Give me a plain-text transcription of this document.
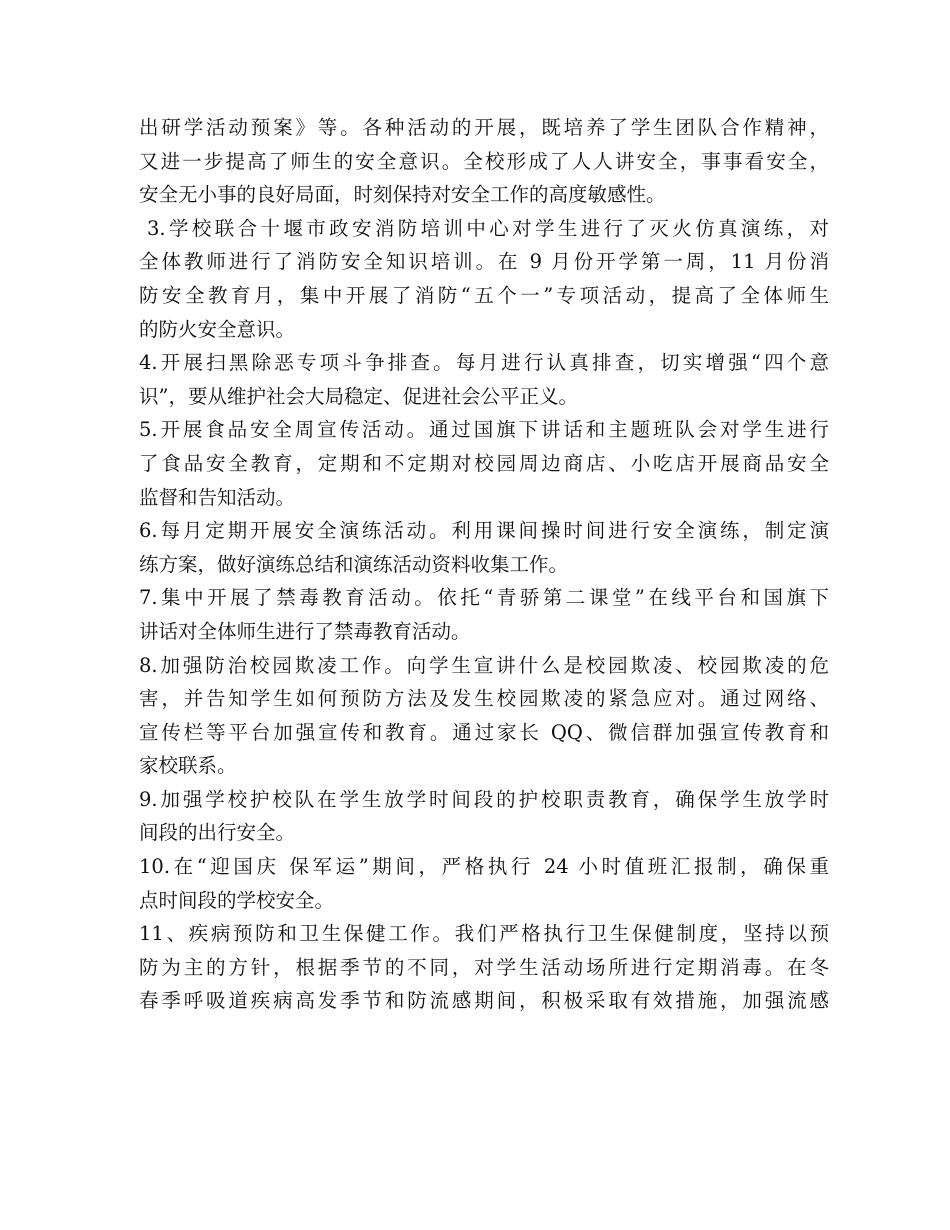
出研学活动预案》等。各种活动的开展，既培养了学生团队合作精神，
又进一步提高了师生的安全意识。全校形成了人人讲安全，事事看安全，
安全无小事的良好局面，时刻保持对安全工作的高度敏感性。
3.学校联合十堰市政安消防培训中心对学生进行了灭火仿真演练，对
全体教师进行了消防安全知识培训。在 9 月份开学第一周，11 月份消
防安全教育月，集中开展了消防“五个一”专项活动，提高了全体师生
的防火安全意识。
4.开展扫黑除恶专项斗争排查。每月进行认真排查，切实增强“四个意
识”，要从维护社会大局稳定、促进社会公平正义。
5.开展食品安全周宣传活动。通过国旗下讲话和主题班队会对学生进行
了食品安全教育，定期和不定期对校园周边商店、小吃店开展商品安全
监督和告知活动。
6.每月定期开展安全演练活动。利用课间操时间进行安全演练，制定演
练方案，做好演练总结和演练活动资料收集工作。
7.集中开展了禁毒教育活动。依托“青骄第二课堂”在线平台和国旗下
讲话对全体师生进行了禁毒教育活动。
8.加强防治校园欺凌工作。向学生宣讲什么是校园欺凌、校园欺凌的危
害，并告知学生如何预防方法及发生校园欺凌的紧急应对。通过网络、
宣传栏等平台加强宣传和教育。通过家长 QQ、微信群加强宣传教育和
家校联系。
9.加强学校护校队在学生放学时间段的护校职责教育，确保学生放学时
间段的出行安全。
10.在“迎国庆 保军运”期间，严格执行 24 小时值班汇报制，确保重
点时间段的学校安全。
11、疾病预防和卫生保健工作。我们严格执行卫生保健制度，坚持以预
防为主的方针，根据季节的不同，对学生活动场所进行定期消毒。在冬
春季呼吸道疾病高发季节和防流感期间，积极采取有效措施，加强流感
